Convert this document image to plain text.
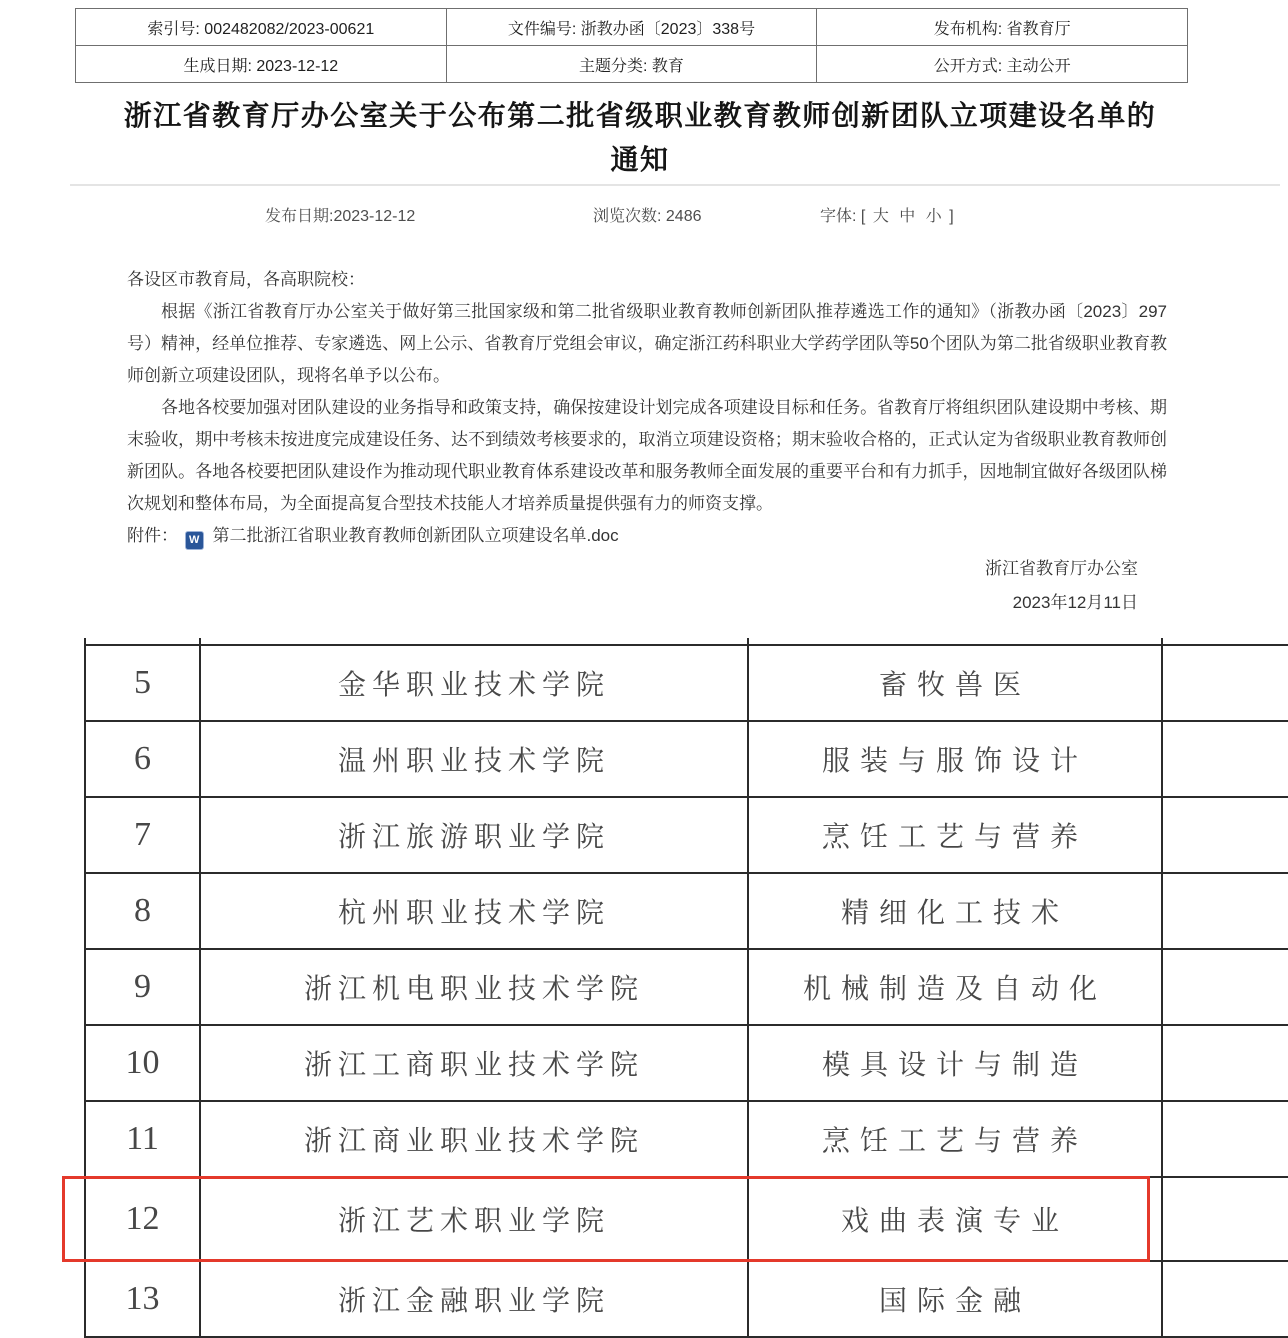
索引号: 002482082/2023-00621	文件编号: 浙教办函〔2023〕338号	发布机构: 省教育厅
生成日期: 2023-12-12	主题分类: 教育	公开方式: 主动公开
浙江省教育厅办公室关于公布第二批省级职业教育教师创新团队立项建设名单的通知
发布日期:2023-12-12	浏览次数: 2486	字体: [ 大 中 小 ]

各设区市教育局，各高职院校：

根据《浙江省教育厅办公室关于做好第三批国家级和第二批省级职业教育教师创新团队推荐遴选工作的通知》（浙教办函〔2023〕297号）精神，经单位推荐、专家遴选、网上公示、省教育厅党组会审议，确定浙江药科职业大学药学团队等50个团队为第二批省级职业教育教师创新立项建设团队，现将名单予以公布。

各地各校要加强对团队建设的业务指导和政策支持，确保按建设计划完成各项建设目标和任务。省教育厅将组织团队建设期中考核、期末验收，期中考核未按进度完成建设任务、达不到绩效考核要求的，取消立项建设资格；期末验收合格的，正式认定为省级职业教育教师创新团队。各地各校要把团队建设作为推动现代职业教育体系建设改革和服务教师全面发展的重要平台和有力抓手，因地制宜做好各级团队梯次规划和整体布局，为全面提高复合型技术技能人才培养质量提供强有力的师资支撑。

附件： W 第二批浙江省职业教育教师创新团队立项建设名单.doc

浙江省教育厅办公室
2023年12月11日

5	金华职业技术学院	畜牧兽医	
6	温州职业技术学院	服装与服饰设计	
7	浙江旅游职业学院	烹饪工艺与营养	
8	杭州职业技术学院	精细化工技术	
9	浙江机电职业技术学院	机械制造及自动化	
10	浙江工商职业技术学院	模具设计与制造	
11	浙江商业职业技术学院	烹饪工艺与营养	
12	浙江艺术职业学院	戏曲表演专业	
13	浙江金融职业学院	国际金融	
